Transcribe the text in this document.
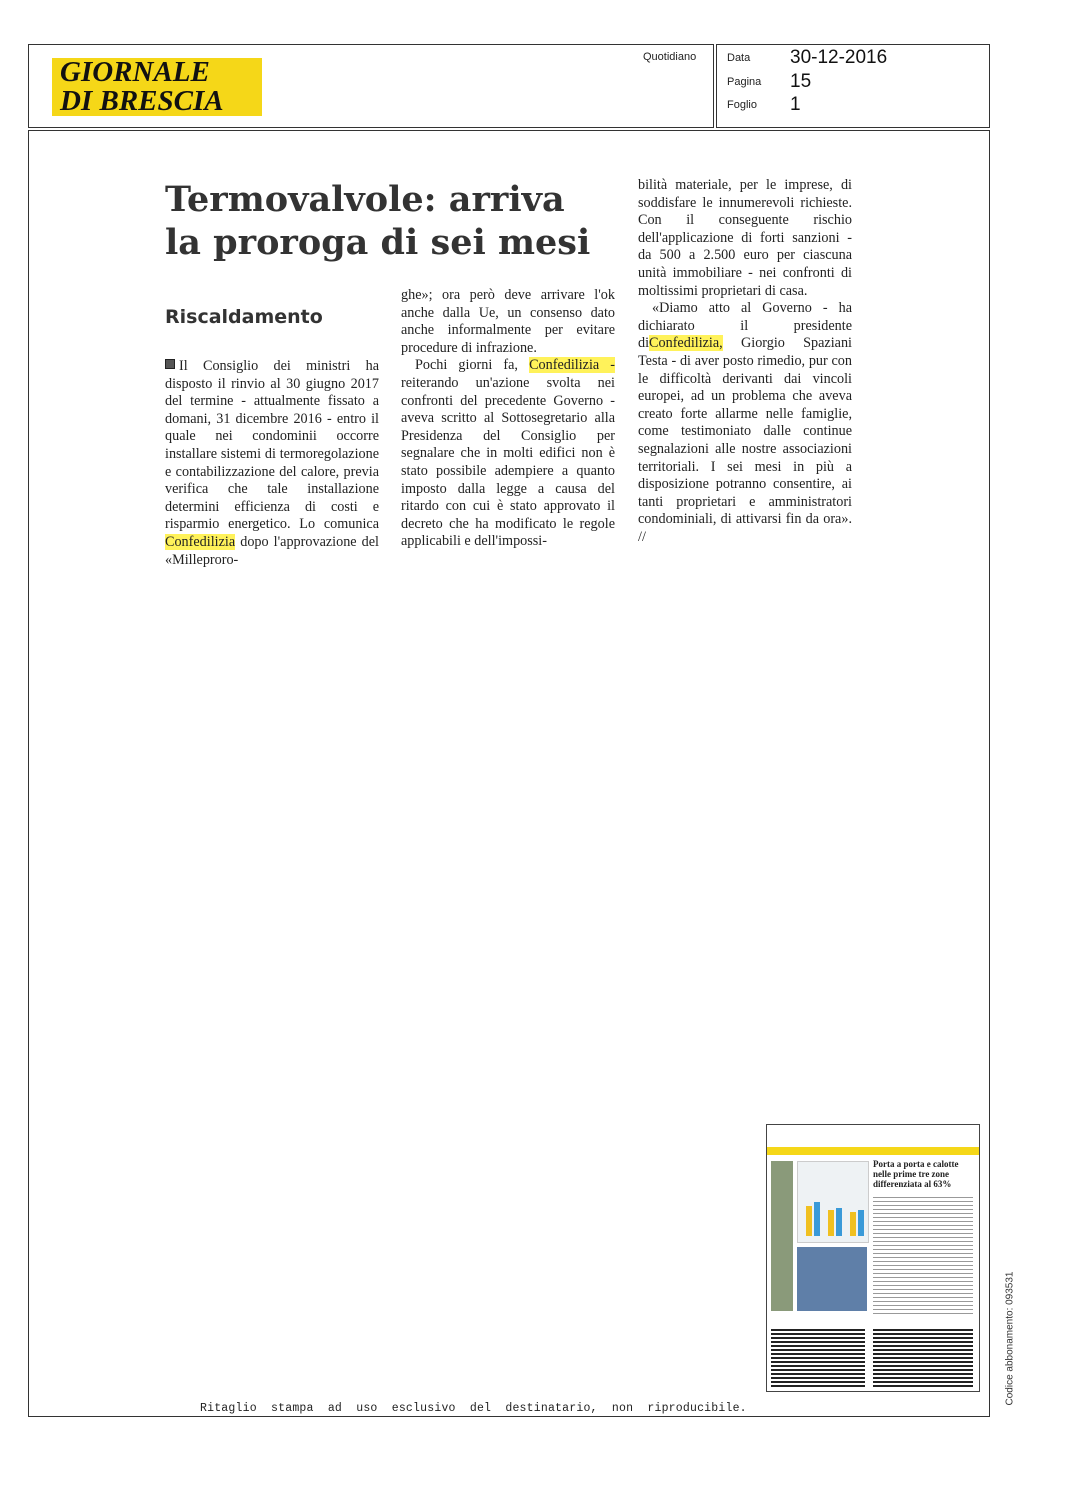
GIORNALE
DI BRESCIA
Quotidiano	Data 30-12-2016
Pagina 15
Foglio 1
Termovalvole: arriva la proroga di sei mesi
Riscaldamento

Il Consiglio dei ministri ha disposto il rinvio al 30 giugno 2017 del termine - attualmente fissato a domani, 31 dicembre 2016 - entro il quale nei condominii occorre installare sistemi di termoregolazione e contabilizzazione del calore, previa verifica che tale installazione determini efficienza di costi e risparmio energetico. Lo comunica Confedilizia dopo l'approvazione del «Milleproro-

ghe»; ora però deve arrivare l'ok anche dalla Ue, un consenso dato anche informalmente per evitare procedure di infrazione.

Pochi giorni fa, Confedilizia - reiterando un'azione svolta nei confronti del precedente Governo - aveva scritto al Sottosegretario alla Presidenza del Consiglio per segnalare che in molti edifici non è stato possibile adempiere a quanto imposto dalla legge a causa del ritardo con cui è stato approvato il decreto che ha modificato le regole applicabili e dell'impossi-

bilità materiale, per le imprese, di soddisfare le innumerevoli richieste. Con il conseguente rischio dell'applicazione di forti sanzioni - da 500 a 2.500 euro per ciascuna unità immobiliare - nei confronti di moltissimi proprietari di casa.

«Diamo atto al Governo - ha dichiarato il presidente diConfedilizia, Giorgio Spaziani Testa - di aver posto rimedio, pur con le difficoltà derivanti dai vincoli europei, ad un problema che aveva creato forte allarme nelle famiglie, come testimoniato dalle continue segnalazioni alle nostre associazioni territoriali. I sei mesi in più a disposizione potranno consentire, ai tanti proprietari e amministratori condominiali, di attivarsi fin da ora». //

Porta a porta e calotte nelle prime tre zone differenziata al 63%
Ritaglio  stampa  ad  uso  esclusivo  del  destinatario,  non  riproducibile.
Codice abbonamento: 093531
